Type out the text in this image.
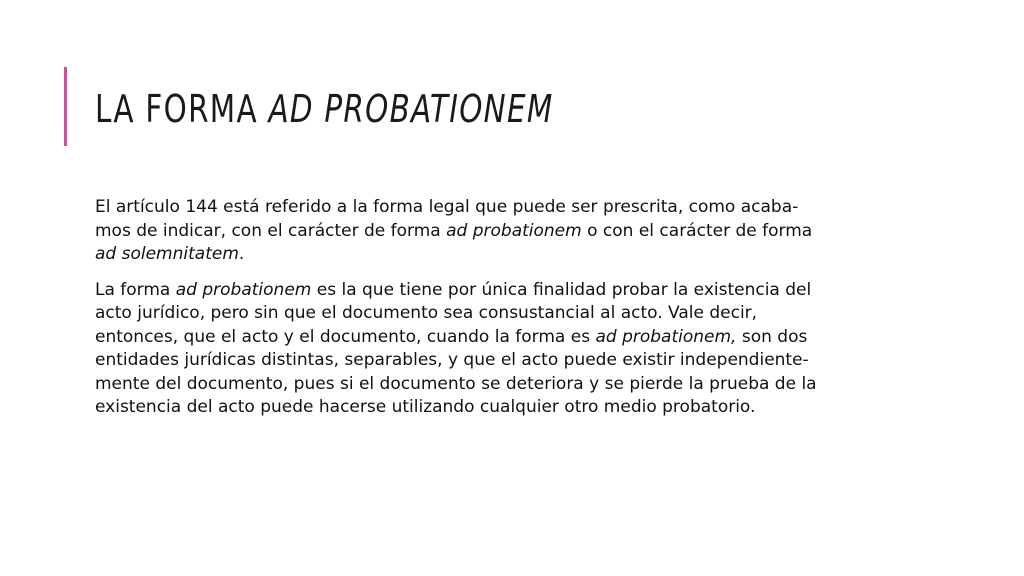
LA FORMA AD PROBATIONEM

El artículo 144 está referido a la forma legal que puede ser prescrita, como acaba-
mos de indicar, con el carácter de forma ad probationem o con el carácter de forma
ad solemnitatem.

La forma ad probationem es la que tiene por única finalidad probar la existencia del
acto jurídico, pero sin que el documento sea consustancial al acto. Vale decir,
entonces, que el acto y el documento, cuando la forma es ad probationem, son dos
entidades jurídicas distintas, separables, y que el acto puede existir independiente-
mente del documento, pues si el documento se deteriora y se pierde la prueba de la
existencia del acto puede hacerse utilizando cualquier otro medio probatorio.
